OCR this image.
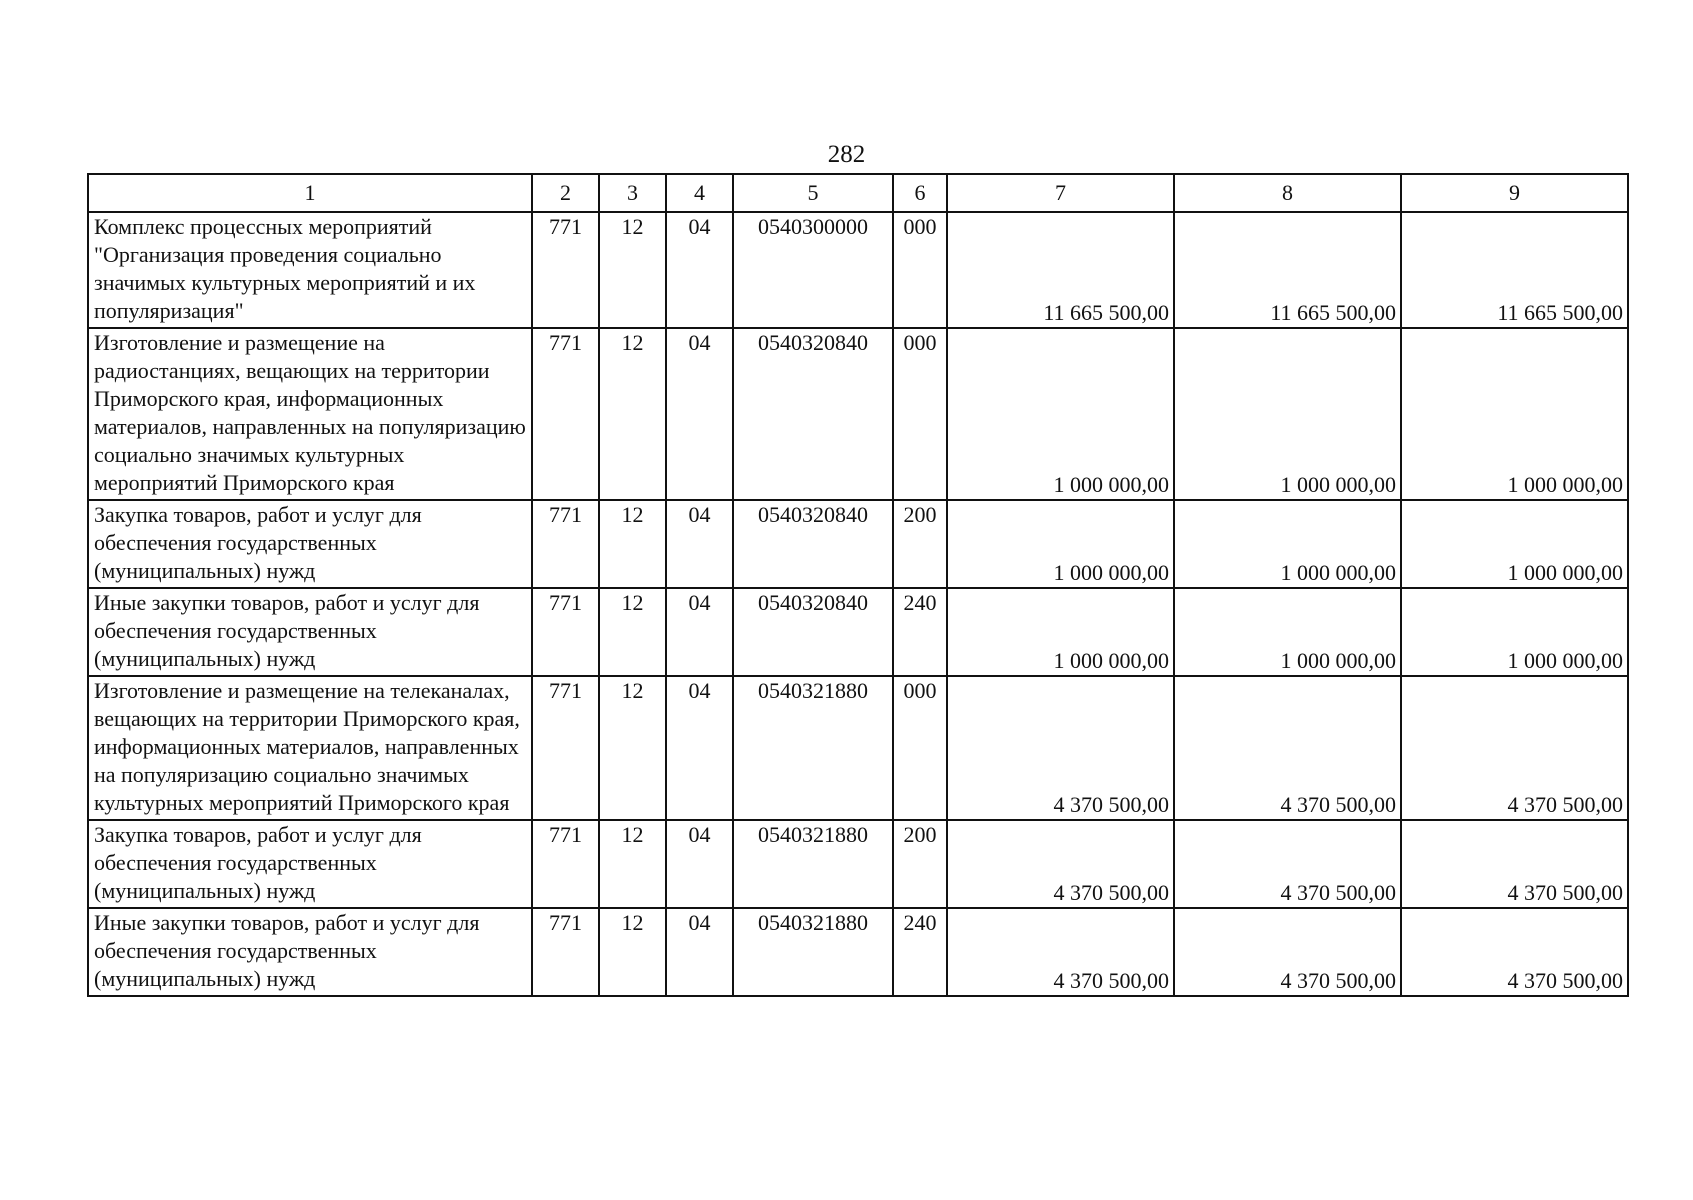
282
1	2	3	4	5	6	7	8	9
Комплекс процессных мероприятий "Организация проведения социально значимых культурных мероприятий и их популяризация"	771	12	04	0540300000	000	11 665 500,00	11 665 500,00	11 665 500,00
Изготовление и размещение на радиостанциях, вещающих на территории Приморского края, информационных материалов, направленных на популяризацию социально значимых культурных мероприятий Приморского края	771	12	04	0540320840	000	1 000 000,00	1 000 000,00	1 000 000,00
Закупка товаров, работ и услуг для обеспечения государственных (муниципальных) нужд	771	12	04	0540320840	200	1 000 000,00	1 000 000,00	1 000 000,00
Иные закупки товаров, работ и услуг для обеспечения государственных (муниципальных) нужд	771	12	04	0540320840	240	1 000 000,00	1 000 000,00	1 000 000,00
Изготовление и размещение на телеканалах, вещающих на территории Приморского края, информационных материалов, направленных на популяризацию социально значимых культурных мероприятий Приморского края	771	12	04	0540321880	000	4 370 500,00	4 370 500,00	4 370 500,00
Закупка товаров, работ и услуг для обеспечения государственных (муниципальных) нужд	771	12	04	0540321880	200	4 370 500,00	4 370 500,00	4 370 500,00
Иные закупки товаров, работ и услуг для обеспечения государственных (муниципальных) нужд	771	12	04	0540321880	240	4 370 500,00	4 370 500,00	4 370 500,00
